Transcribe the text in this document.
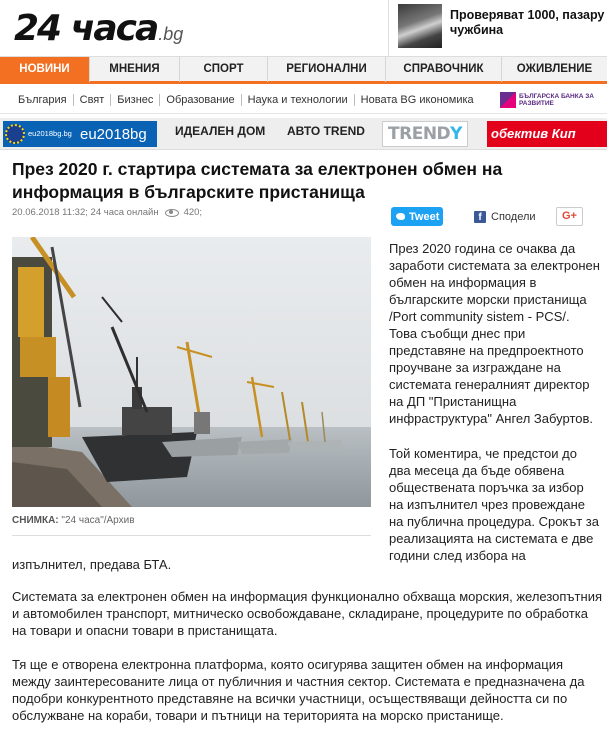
24 часа .bg
Проверяват 1000, пазару
чужбина
НОВИНИ	МНЕНИЯ	СПОРТ	РЕГИОНАЛНИ	СПРАВОЧНИК	ОЖИВЛЕНИЕ
България	Свят	Бизнес	Образование	Наука и технологии	Новата BG икономика	БЪЛГАРСКА БАНКА ЗА РАЗВИТИЕ
eu2018bg.bg eu2018bg ИДЕАЛЕН ДОМ АВТО TREND	TRENDY	обектив Кип
През 2020 г. стартира системата за електронен обмен на информация в българските пристанища
20.06.2018 11:32;
24 часа онлайн	420;	Tweet	f Сподели	G+
СНИМКА: "24 часа"/Архив

През 2020 година се очаква да заработи системата за електронен обмен на информация в българските морски пристанища /Port community sistem - PCS/. Това съобщи днес при представяне на предпроектното проучване за изграждане на системата генералният директор на ДП "Пристанищна инфраструктура" Ангел Забуртов.

Той коментира, че предстои до два месеца да бъде обявена обществената поръчка за избор на изпълнител чрез провеждане на публична процедура. Срокът за реализацията на системата е две години след избора на

изпълнител, предава БТА.
Системата за електронен обмен на информация функционално обхваща морския, железопътния и автомобилен транспорт, митническо освобождаване, складиране, процедурите по обработка на товари и опасни товари в пристанищата.
Тя ще е отворена електронна платформа, която осигурява защитен обмен на информация между заинтересованите лица от публичния и частния сектор. Системата е предназначена да подобри конкурентното представяне на всички участници, осъществяващи дейността си по обслужване на кораби, товари и пътници на територията на морско пристанище.
